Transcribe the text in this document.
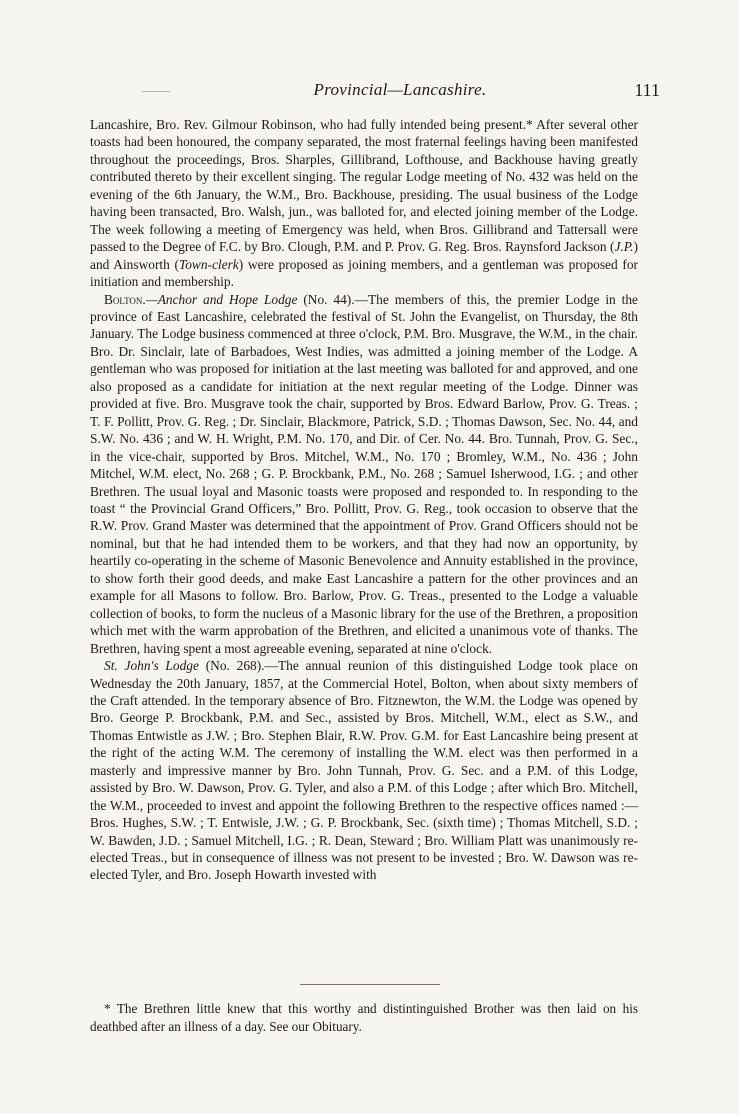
Provincial—Lancashire.	111

Lancashire, Bro. Rev. Gilmour Robinson, who had fully intended being present.* After several other toasts had been honoured, the company separated, the most fraternal feelings having been manifested throughout the proceedings, Bros. Sharples, Gillibrand, Lofthouse, and Backhouse having greatly contributed thereto by their excellent singing. The regular Lodge meeting of No. 432 was held on the evening of the 6th January, the W.M., Bro. Backhouse, presiding. The usual business of the Lodge having been transacted, Bro. Walsh, jun., was balloted for, and elected joining member of the Lodge. The week following a meeting of Emergency was held, when Bros. Gillibrand and Tattersall were passed to the Degree of F.C. by Bro. Clough, P.M. and P. Prov. G. Reg. Bros. Raynsford Jackson (J.P.) and Ainsworth (Town-clerk) were proposed as joining members, and a gentleman was proposed for initiation and membership.

Bolton.—Anchor and Hope Lodge (No. 44).—The members of this, the premier Lodge in the province of East Lancashire, celebrated the festival of St. John the Evangelist, on Thursday, the 8th January. The Lodge business commenced at three o'clock, P.M. Bro. Musgrave, the W.M., in the chair. Bro. Dr. Sinclair, late of Barbadoes, West Indies, was admitted a joining member of the Lodge. A gentleman who was proposed for initiation at the last meeting was balloted for and approved, and one also proposed as a candidate for initiation at the next regular meeting of the Lodge. Dinner was provided at five. Bro. Musgrave took the chair, supported by Bros. Edward Barlow, Prov. G. Treas. ; T. F. Pollitt, Prov. G. Reg. ; Dr. Sinclair, Blackmore, Patrick, S.D. ; Thomas Dawson, Sec. No. 44, and S.W. No. 436 ; and W. H. Wright, P.M. No. 170, and Dir. of Cer. No. 44. Bro. Tunnah, Prov. G. Sec., in the vice-chair, supported by Bros. Mitchel, W.M., No. 170 ; Bromley, W.M., No. 436 ; John Mitchel, W.M. elect, No. 268 ; G. P. Brockbank, P.M., No. 268 ; Samuel Isherwood, I.G. ; and other Brethren. The usual loyal and Masonic toasts were proposed and responded to. In responding to the toast “ the Provincial Grand Officers,” Bro. Pollitt, Prov. G. Reg., took occasion to observe that the R.W. Prov. Grand Master was determined that the appointment of Prov. Grand Officers should not be nominal, but that he had intended them to be workers, and that they had now an opportunity, by heartily co-operating in the scheme of Masonic Benevolence and Annuity established in the province, to show forth their good deeds, and make East Lancashire a pattern for the other provinces and an example for all Masons to follow. Bro. Barlow, Prov. G. Treas., presented to the Lodge a valuable collection of books, to form the nucleus of a Masonic library for the use of the Brethren, a proposition which met with the warm approbation of the Brethren, and elicited a unanimous vote of thanks. The Brethren, having spent a most agreeable evening, separated at nine o'clock.

St. John's Lodge (No. 268).—The annual reunion of this distinguished Lodge took place on Wednesday the 20th January, 1857, at the Commercial Hotel, Bolton, when about sixty members of the Craft attended. In the temporary absence of Bro. Fitznewton, the W.M. the Lodge was opened by Bro. George P. Brockbank, P.M. and Sec., assisted by Bros. Mitchell, W.M., elect as S.W., and Thomas Entwistle as J.W. ; Bro. Stephen Blair, R.W. Prov. G.M. for East Lancashire being present at the right of the acting W.M. The ceremony of installing the W.M. elect was then performed in a masterly and impressive manner by Bro. John Tunnah, Prov. G. Sec. and a P.M. of this Lodge, assisted by Bro. W. Dawson, Prov. G. Tyler, and also a P.M. of this Lodge ; after which Bro. Mitchell, the W.M., proceeded to invest and appoint the following Brethren to the respective offices named :—Bros. Hughes, S.W. ; T. Entwisle, J.W. ; G. P. Brockbank, Sec. (sixth time) ; Thomas Mitchell, S.D. ; W. Bawden, J.D. ; Samuel Mitchell, I.G. ; R. Dean, Steward ; Bro. William Platt was unanimously re-elected Treas., but in consequence of illness was not present to be invested ; Bro. W. Dawson was re-elected Tyler, and Bro. Joseph Howarth invested with

* The Brethren little knew that this worthy and distintinguished Brother was then laid on his deathbed after an illness of a day. See our Obituary.
